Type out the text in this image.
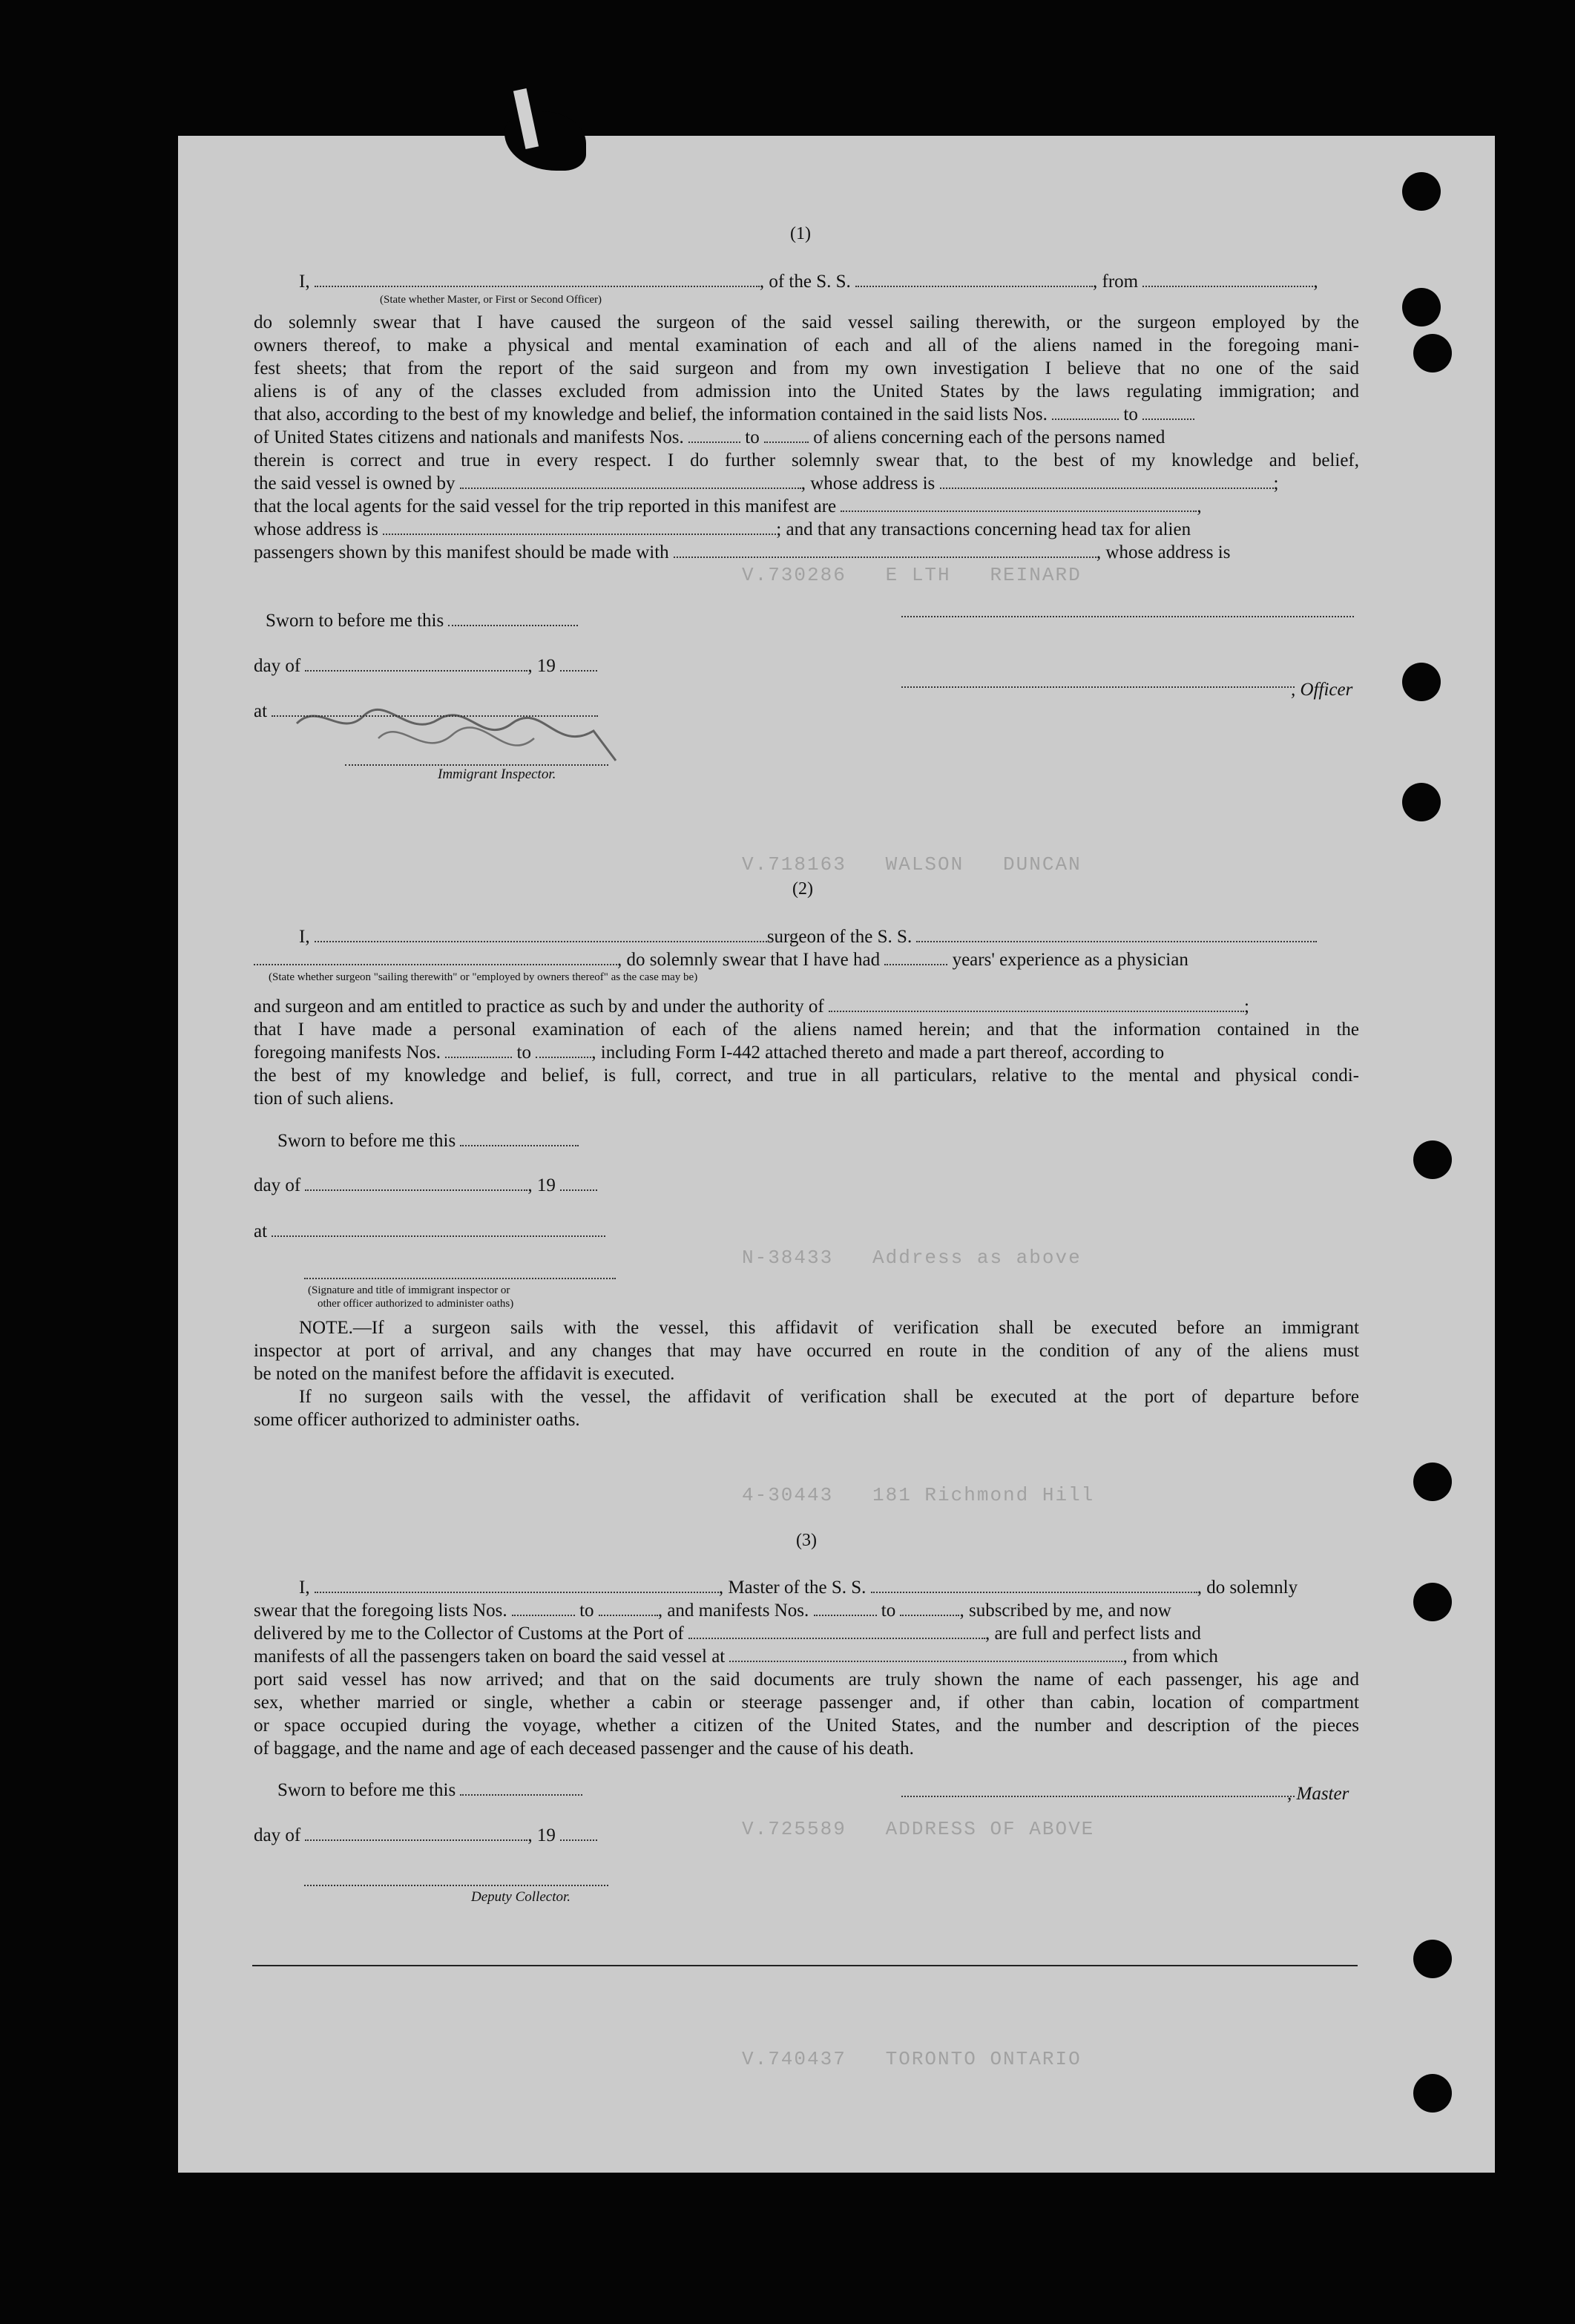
V.730286   E LTH   REINARD
V.718163   WALSON   DUNCAN
N-38433   Address as above
4-30443   181 Richmond Hill
V.725589   ADDRESS OF ABOVE
V.740437   TORONTO ONTARIO
(1)
I,	, of the S. S.	, from	,
(State whether Master, or First or Second Officer)
do solemnly swear that I have caused the surgeon of the said vessel sailing therewith, or the surgeon employed by the
owners thereof, to make a physical and mental examination of each and all of the aliens named in the foregoing mani-
fest sheets; that from the report of the said surgeon and from my own investigation I believe that no one of the said
aliens is of any of the classes excluded from admission into the United States by the laws regulating immigration; and
that also, according to the best of my knowledge and belief, the information contained in the said lists Nos.	to
of United States citizens and nationals and manifests Nos.	to	of aliens concerning each of the persons named
therein is correct and true in every respect. I do further solemnly swear that, to the best of my knowledge and belief,
the said vessel is owned by	, whose address is	;
that the local agents for the said vessel for the trip reported in this manifest are	,
whose address is	; and that any transactions concerning head tax for alien
passengers shown by this manifest should be made with	, whose address is
Sworn to before me this
day of	, 19
, Officer
at
Immigrant Inspector.
(2)
I,	surgeon of the S. S.
, do solemnly swear that I have had	years' experience as a physician
(State whether surgeon "sailing therewith" or "employed by owners thereof" as the case may be)
and surgeon and am entitled to practice as such by and under the authority of	;
that I have made a personal examination of each of the aliens named herein; and that the information contained in the
foregoing manifests Nos.	to	, including Form I-442 attached thereto and made a part thereof, according to
the best of my knowledge and belief, is full, correct, and true in all particulars, relative to the mental and physical condi-
tion of such aliens.
Sworn to before me this
day of	, 19
at
(Signature and title of immigrant inspector or
other officer authorized to administer oaths)
NOTE.—If a surgeon sails with the vessel, this affidavit of verification shall be executed before an immigrant
inspector at port of arrival, and any changes that may have occurred en route in the condition of any of the aliens must
be noted on the manifest before the affidavit is executed.
If no surgeon sails with the vessel, the affidavit of verification shall be executed at the port of departure before
some officer authorized to administer oaths.
(3)
I,	, Master of the S. S.	, do solemnly
swear that the foregoing lists Nos.	to	, and manifests Nos.	to	, subscribed by me, and now
delivered by me to the Collector of Customs at the Port of	, are full and perfect lists and
manifests of all the passengers taken on board the said vessel at	, from which
port said vessel has now arrived; and that on the said documents are truly shown the name of each passenger, his age and
sex, whether married or single, whether a cabin or steerage passenger and, if other than cabin, location of compartment
or space occupied during the voyage, whether a citizen of the United States, and the number and description of the pieces
of baggage, and the name and age of each deceased passenger and the cause of his death.
Sworn to before me this	, Master
day of	, 19
Deputy Collector.
